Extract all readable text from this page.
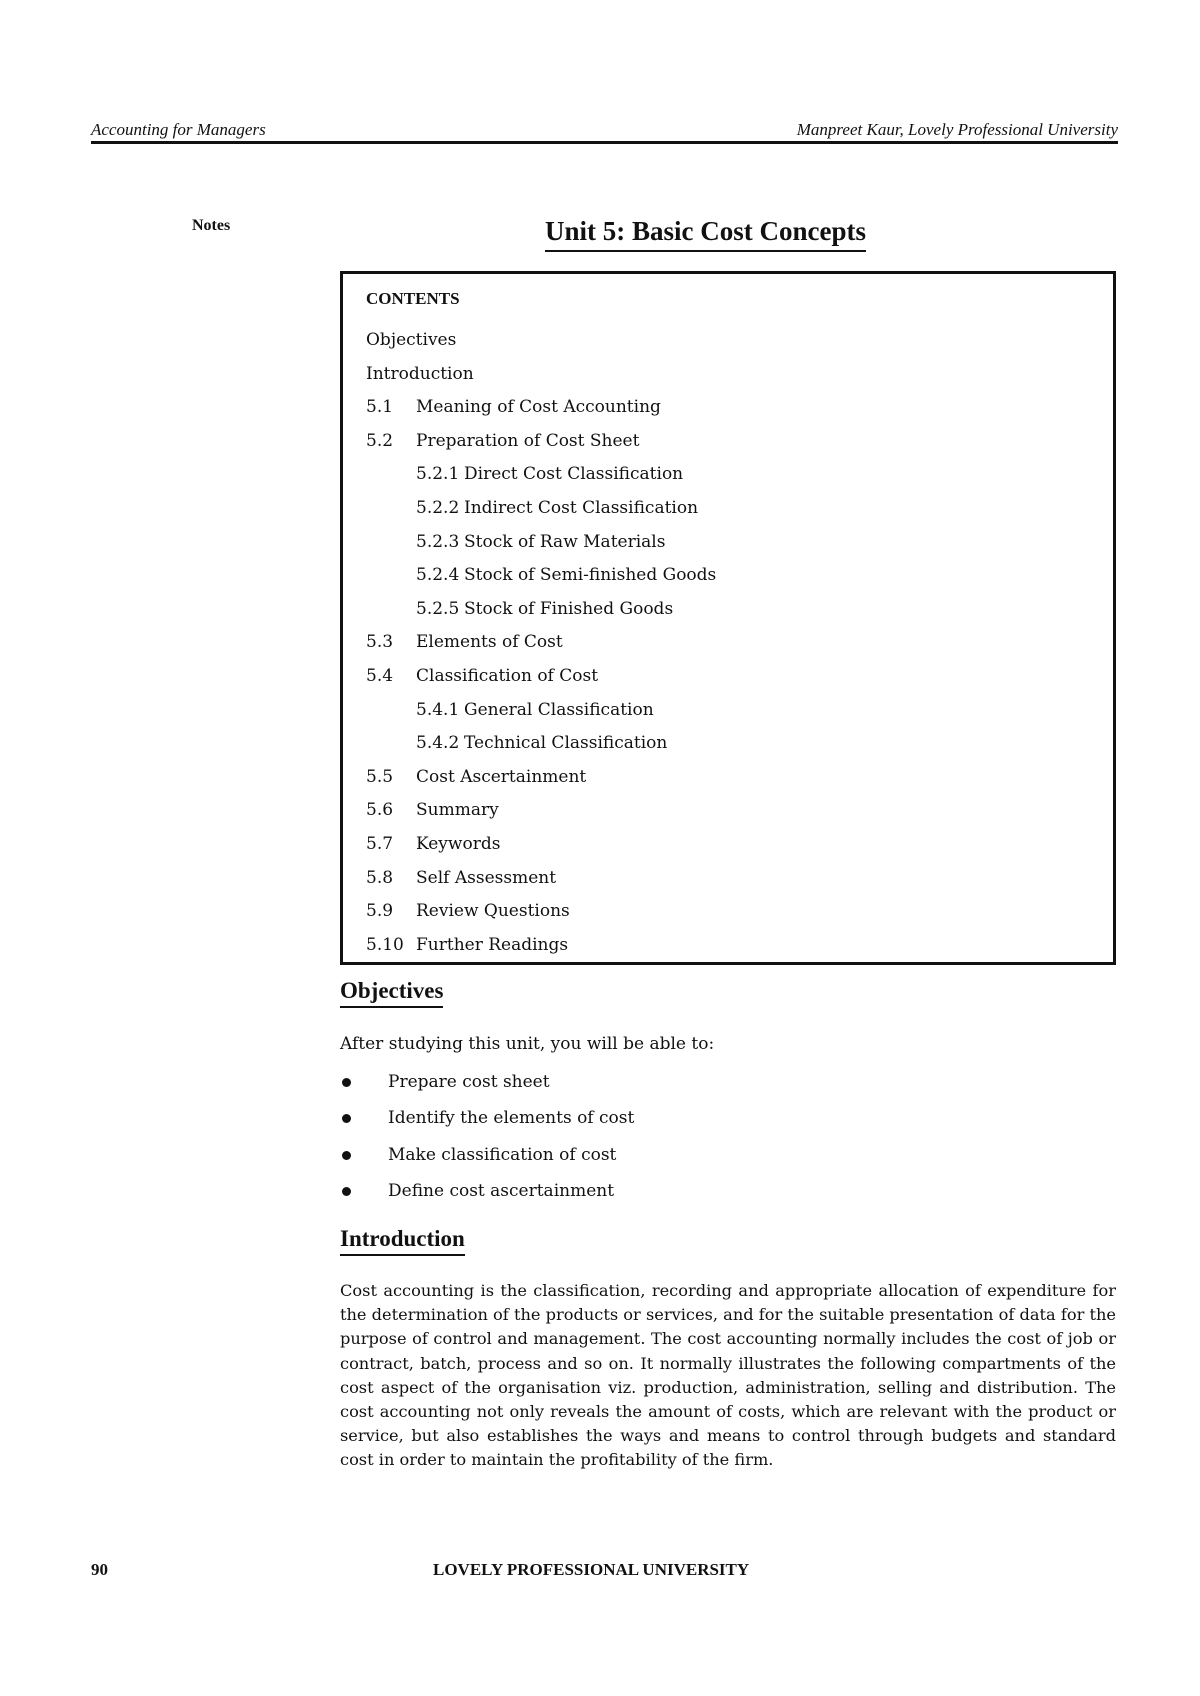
Accounting for Managers	Manpreet Kaur, Lovely Professional University
Notes	Unit 5: Basic Cost Concepts
CONTENTS
Objectives
Introduction
5.1 Meaning of Cost Accounting
5.2 Preparation of Cost Sheet
5.2.1 Direct Cost Classification
5.2.2 Indirect Cost Classification
5.2.3 Stock of Raw Materials
5.2.4 Stock of Semi-finished Goods
5.2.5 Stock of Finished Goods
5.3 Elements of Cost
5.4 Classification of Cost
5.4.1 General Classification
5.4.2 Technical Classification
5.5 Cost Ascertainment
5.6 Summary
5.7 Keywords
5.8 Self Assessment
5.9 Review Questions
5.10 Further Readings
Objectives
After studying this unit, you will be able to:
Prepare cost sheet
Identify the elements of cost
Make classification of cost
Define cost ascertainment
Introduction

Cost accounting is the classification, recording and appropriate allocation of expenditure for the determination of the products or services, and for the suitable presentation of data for the purpose of control and management. The cost accounting normally includes the cost of job or contract, batch, process and so on. It normally illustrates the following compartments of the cost aspect of the organisation viz. production, administration, selling and distribution. The cost accounting not only reveals the amount of costs, which are relevant with the product or service, but also establishes the ways and means to control through budgets and standard cost in order to maintain the profitability of the firm.

90	LOVELY PROFESSIONAL UNIVERSITY
